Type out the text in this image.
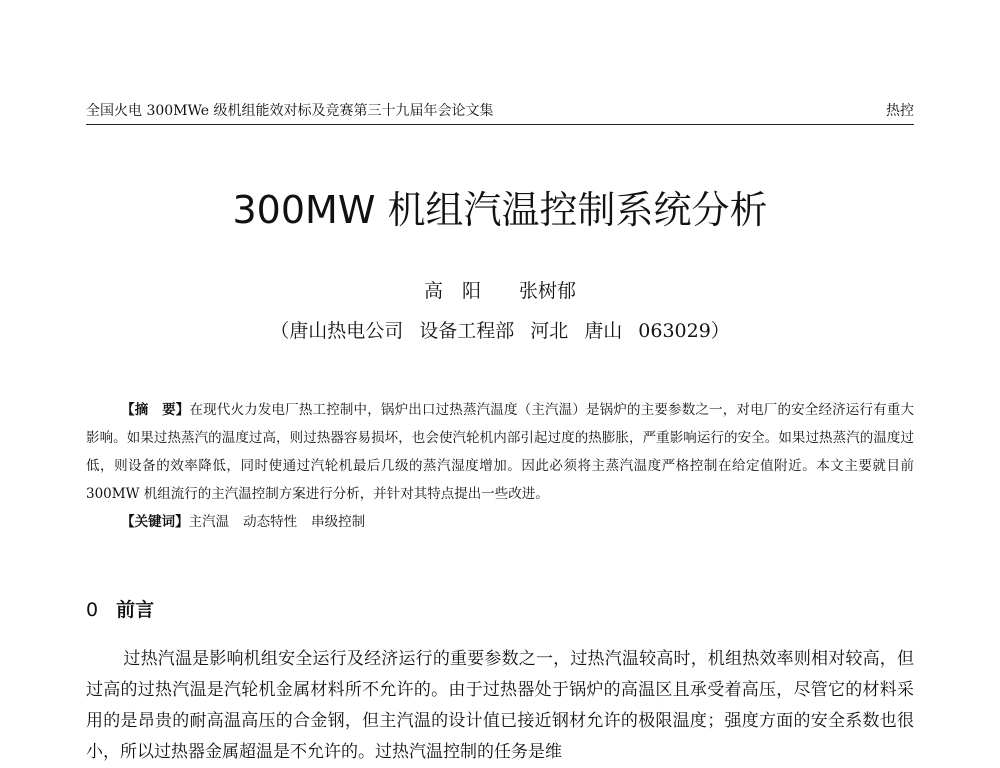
全国火电 300MWe 级机组能效对标及竞赛第三十九届年会论文集	热控
300MW 机组汽温控制系统分析
高　阳 张树郁
（唐山热电公司 设备工程部 河北 唐山 063029）

【摘　要】在现代火力发电厂热工控制中，锅炉出口过热蒸汽温度（主汽温）是锅炉的主要参数之一，对电厂的安全经济运行有重大影响。如果过热蒸汽的温度过高，则过热器容易损坏，也会使汽轮机内部引起过度的热膨胀，严重影响运行的安全。如果过热蒸汽的温度过低，则设备的效率降低，同时使通过汽轮机最后几级的蒸汽湿度增加。因此必须将主蒸汽温度严格控制在给定值附近。本文主要就目前 300MW 机组流行的主汽温控制方案进行分析，并针对其特点提出一些改进。

【关键词】主汽温 动态特性 串级控制

0 前言

过热汽温是影响机组安全运行及经济运行的重要参数之一，过热汽温较高时，机组热效率则相对较高，但过高的过热汽温是汽轮机金属材料所不允许的。由于过热器处于锅炉的高温区且承受着高压，尽管它的材料采用的是昂贵的耐高温高压的合金钢，但主汽温的设计值已接近钢材允许的极限温度；强度方面的安全系数也很小，所以过热器金属超温是不允许的。过热汽温控制的任务是维
